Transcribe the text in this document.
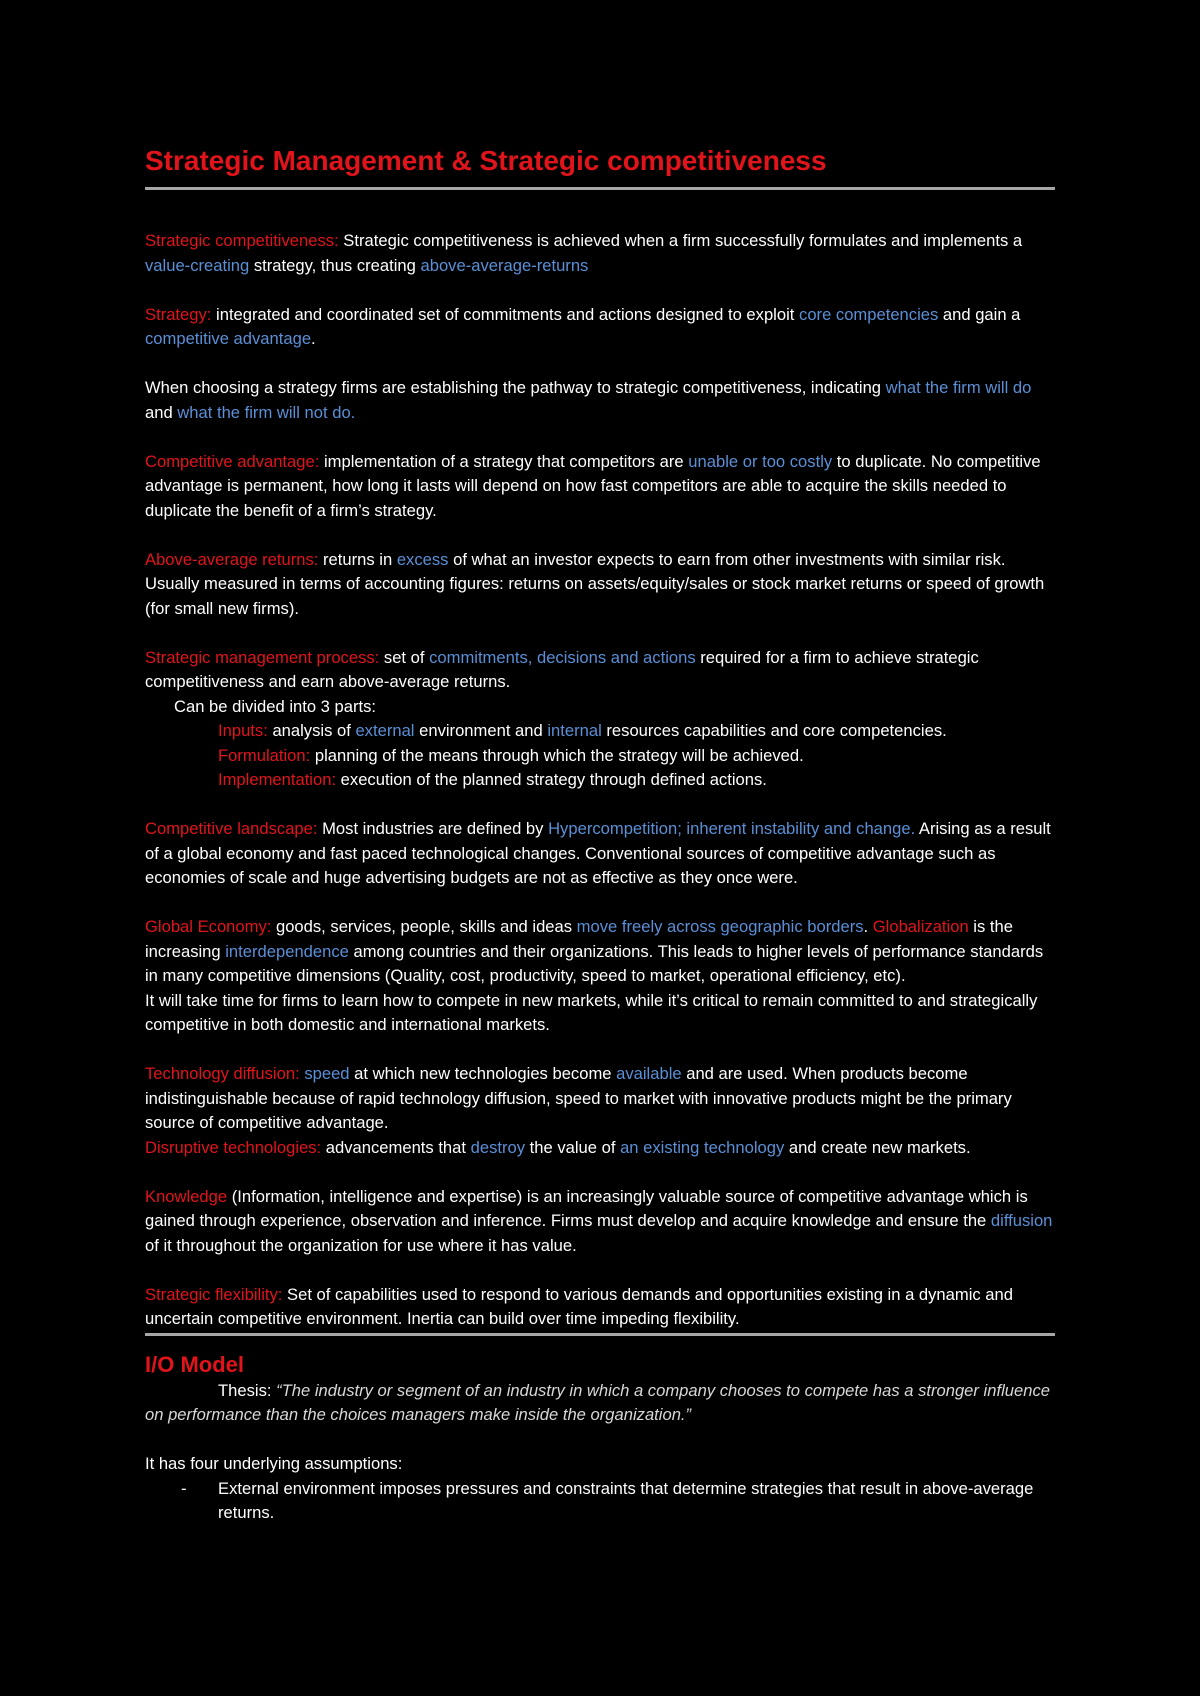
Strategic Management & Strategic competitiveness

Strategic competitiveness: Strategic competitiveness is achieved when a firm successfully formulates and implements a value-creating strategy, thus creating above-average-returns

Strategy: integrated and coordinated set of commitments and actions designed to exploit core competencies and gain a competitive advantage.

When choosing a strategy firms are establishing the pathway to strategic competitiveness, indicating what the firm will do and what the firm will not do.

Competitive advantage: implementation of a strategy that competitors are unable or too costly to duplicate. No competitive advantage is permanent, how long it lasts will depend on how fast competitors are able to acquire the skills needed to duplicate the benefit of a firm’s strategy.

Above-average returns: returns in excess of what an investor expects to earn from other investments with similar risk. Usually measured in terms of accounting figures: returns on assets/equity/sales or stock market returns or speed of growth (for small new firms).

Strategic management process: set of commitments, decisions and actions required for a firm to achieve strategic competitiveness and earn above-average returns.

Can be divided into 3 parts:

Inputs: analysis of external environment and internal resources capabilities and core competencies.

Formulation: planning of the means through which the strategy will be achieved.

Implementation: execution of the planned strategy through defined actions.

Competitive landscape: Most industries are defined by Hypercompetition; inherent instability and change. Arising as a result of a global economy and fast paced technological changes. Conventional sources of competitive advantage such as economies of scale and huge advertising budgets are not as effective as they once were.

Global Economy: goods, services, people, skills and ideas move freely across geographic borders. Globalization is the increasing interdependence among countries and their organizations. This leads to higher levels of performance standards in many competitive dimensions (Quality, cost, productivity, speed to market, operational efficiency, etc).

It will take time for firms to learn how to compete in new markets, while it’s critical to remain committed to and strategically competitive in both domestic and international markets.

Technology diffusion: speed at which new technologies become available and are used. When products become indistinguishable because of rapid technology diffusion, speed to market with innovative products might be the primary source of competitive advantage.

Disruptive technologies: advancements that destroy the value of an existing technology and create new markets.

Knowledge (Information, intelligence and expertise) is an increasingly valuable source of competitive advantage which is gained through experience, observation and inference. Firms must develop and acquire knowledge and ensure the diffusion of it throughout the organization for use where it has value.

Strategic flexibility: Set of capabilities used to respond to various demands and opportunities existing in a dynamic and uncertain competitive environment. Inertia can build over time impeding flexibility.

I/O Model

Thesis: “The industry or segment of an industry in which a company chooses to compete has a stronger influence on performance than the choices managers make inside the organization.”

It has four underlying assumptions:

-	External environment imposes pressures and constraints that determine strategies that result in above-average returns.
